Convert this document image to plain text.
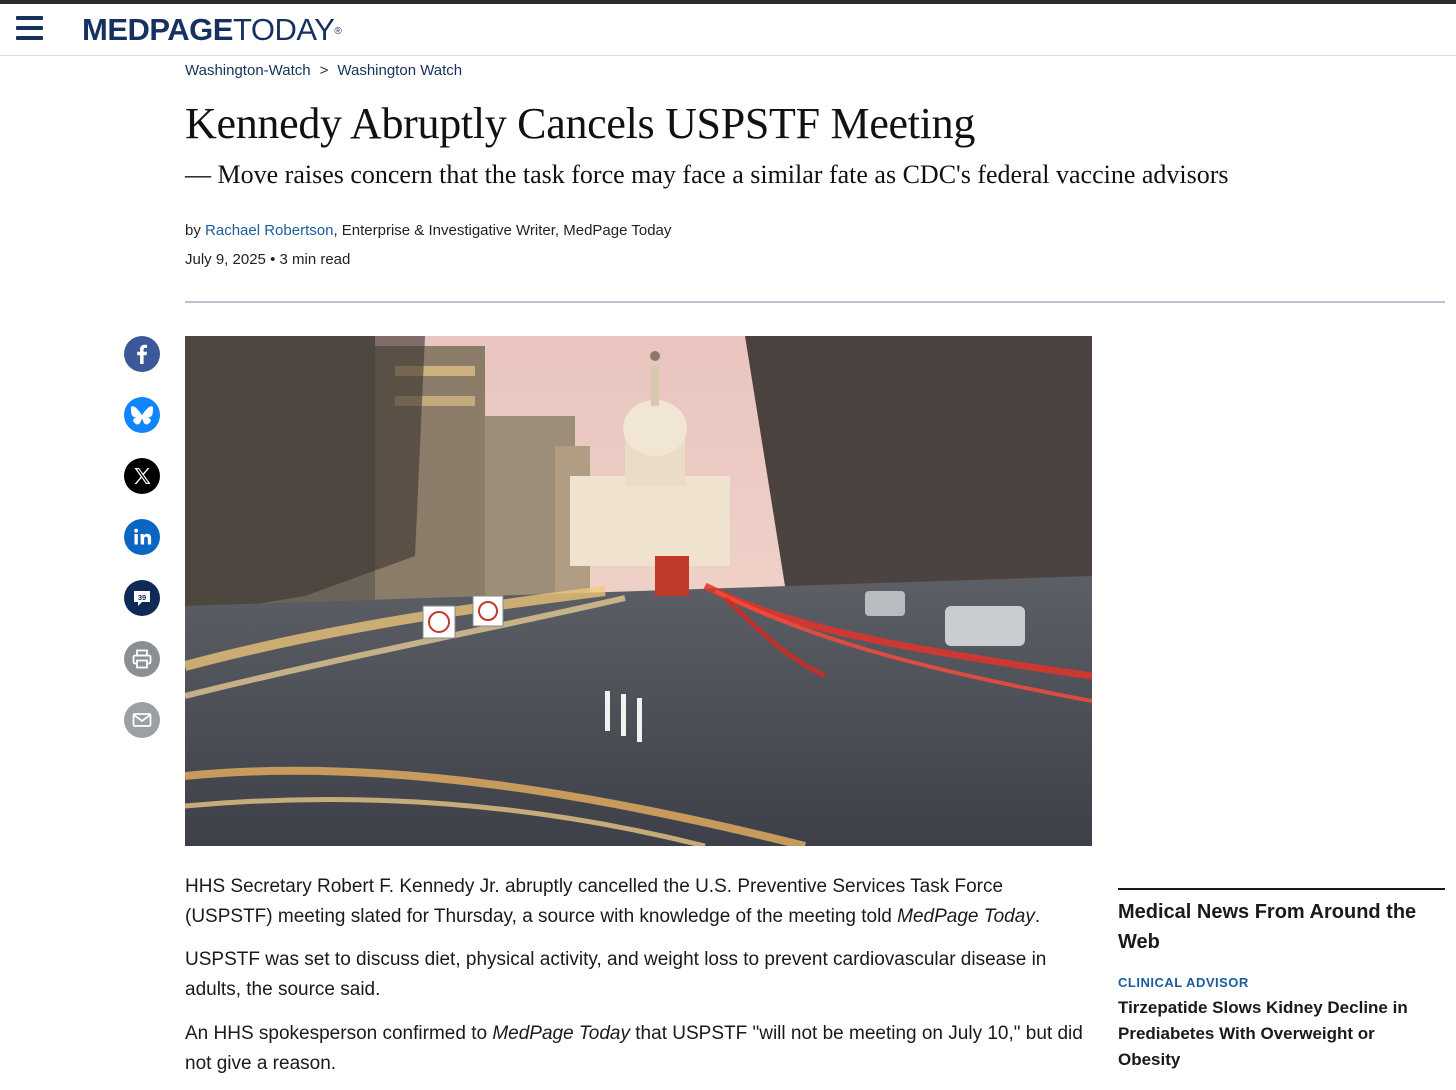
MEDPAGETODAY®
Washington-Watch > Washington Watch
Kennedy Abruptly Cancels USPSTF Meeting
— Move raises concern that the task force may face a similar fate as CDC's federal vaccine advisors
by Rachael Robertson, Enterprise & Investigative Writer, MedPage Today
July 9, 2025 • 3 min read
39
HHS Secretary Robert F. Kennedy Jr. abruptly cancelled the U.S. Preventive Services Task Force (USPSTF) meeting slated for Thursday, a source with knowledge of the meeting told MedPage Today.
USPSTF was set to discuss diet, physical activity, and weight loss to prevent cardiovascular disease in adults, the source said.
An HHS spokesperson confirmed to MedPage Today that USPSTF "will not be meeting on July 10," but did not give a reason.
Medical News From Around the Web
CLINICAL ADVISOR
Tirzepatide Slows Kidney Decline in Prediabetes With Overweight or Obesity
